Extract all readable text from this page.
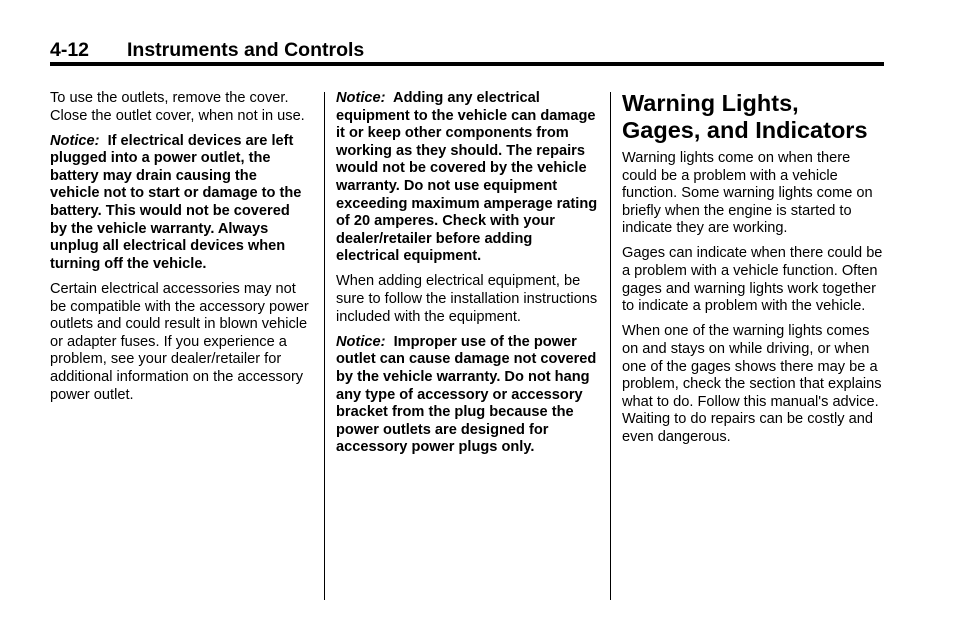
4-12 Instruments and Controls

To use the outlets, remove the cover. Close the outlet cover, when not in use.

Notice: If electrical devices are left plugged into a power outlet, the battery may drain causing the vehicle not to start or damage to the battery. This would not be covered by the vehicle warranty. Always unplug all electrical devices when turning off the vehicle.

Certain electrical accessories may not be compatible with the accessory power outlets and could result in blown vehicle or adapter fuses. If you experience a problem, see your dealer/retailer for additional information on the accessory power outlet.

Notice: Adding any electrical equipment to the vehicle can damage it or keep other components from working as they should. The repairs would not be covered by the vehicle warranty. Do not use equipment exceeding maximum amperage rating of 20 amperes. Check with your dealer/retailer before adding electrical equipment.

When adding electrical equipment, be sure to follow the installation instructions included with the equipment.

Notice: Improper use of the power outlet can cause damage not covered by the vehicle warranty. Do not hang any type of accessory or accessory bracket from the plug because the power outlets are designed for accessory power plugs only.

Warning Lights,
Gages, and Indicators

Warning lights come on when there could be a problem with a vehicle function. Some warning lights come on briefly when the engine is started to indicate they are working.

Gages can indicate when there could be a problem with a vehicle function. Often gages and warning lights work together to indicate a problem with the vehicle.

When one of the warning lights comes on and stays on while driving, or when one of the gages shows there may be a problem, check the section that explains what to do. Follow this manual's advice. Waiting to do repairs can be costly and even dangerous.
